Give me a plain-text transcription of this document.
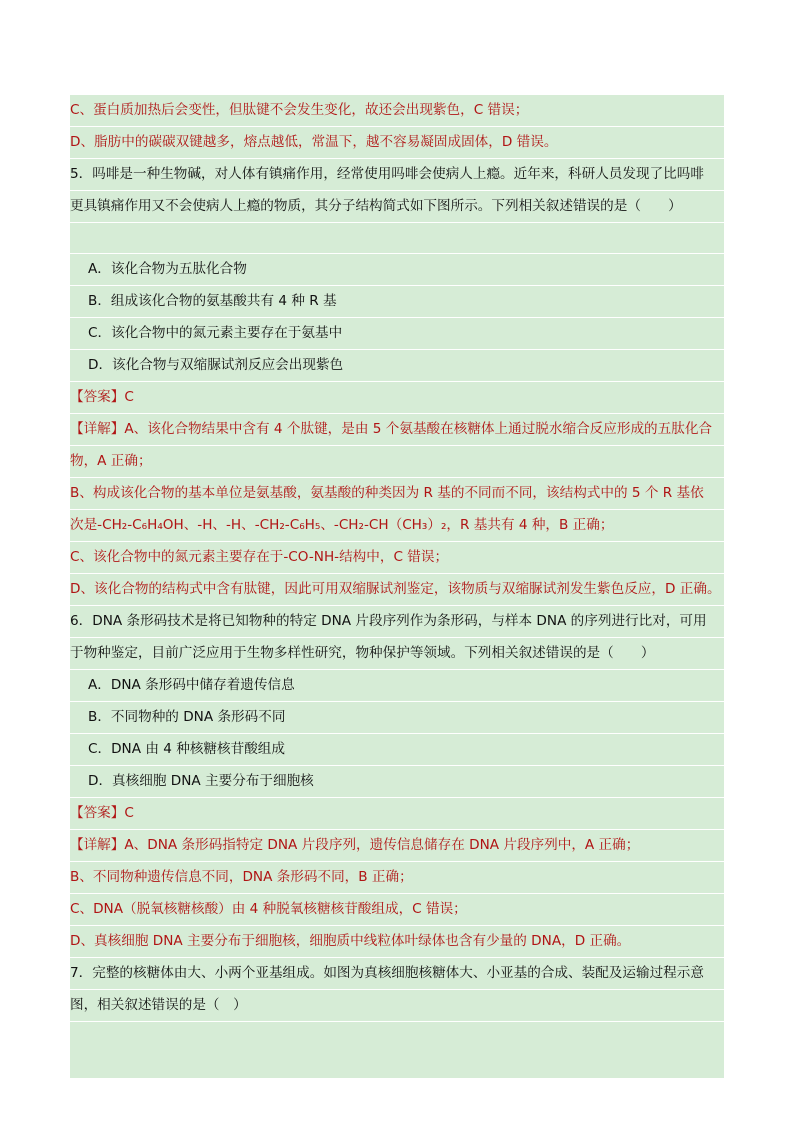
C、蛋白质加热后会变性，但肽键不会发生变化，故还会出现紫色，C 错误；
D、脂肪中的碳碳双键越多，熔点越低，常温下，越不容易凝固成固体，D 错误。
5．吗啡是一种生物碱，对人体有镇痛作用，经常使用吗啡会使病人上瘾。近年来，科研人员发现了比吗啡
更具镇痛作用又不会使病人上瘾的物质，其分子结构简式如下图所示。下列相关叙述错误的是（　　）
A．该化合物为五肽化合物
B．组成该化合物的氨基酸共有 4 种 R 基
C．该化合物中的氮元素主要存在于氨基中
D．该化合物与双缩脲试剂反应会出现紫色
【答案】C
【详解】A、该化合物结果中含有 4 个肽键，是由 5 个氨基酸在核糖体上通过脱水缩合反应形成的五肽化合
物，A 正确；
B、构成该化合物的基本单位是氨基酸，氨基酸的种类因为 R 基的不同而不同，该结构式中的 5 个 R 基依
次是-CH₂-C₆H₄OH、-H、-H、-CH₂-C₆H₅、-CH₂-CH（CH₃）₂，R 基共有 4 种，B 正确；
C、该化合物中的氮元素主要存在于-CO-NH-结构中，C 错误；
D、该化合物的结构式中含有肽键，因此可用双缩脲试剂鉴定，该物质与双缩脲试剂发生紫色反应，D 正确。
6．DNA 条形码技术是将已知物种的特定 DNA 片段序列作为条形码，与样本 DNA 的序列进行比对，可用
于物种鉴定，目前广泛应用于生物多样性研究，物种保护等领域。下列相关叙述错误的是（　　）
A．DNA 条形码中储存着遗传信息
B．不同物种的 DNA 条形码不同
C．DNA 由 4 种核糖核苷酸组成
D．真核细胞 DNA 主要分布于细胞核
【答案】C
【详解】A、DNA 条形码指特定 DNA 片段序列，遗传信息储存在 DNA 片段序列中，A 正确；
B、不同物种遗传信息不同，DNA 条形码不同，B 正确；
C、DNA（脱氧核糖核酸）由 4 种脱氧核糖核苷酸组成，C 错误；
D、真核细胞 DNA 主要分布于细胞核，细胞质中线粒体叶绿体也含有少量的 DNA，D 正确。
7．完整的核糖体由大、小两个亚基组成。如图为真核细胞核糖体大、小亚基的合成、装配及运输过程示意
图，相关叙述错误的是（　）
